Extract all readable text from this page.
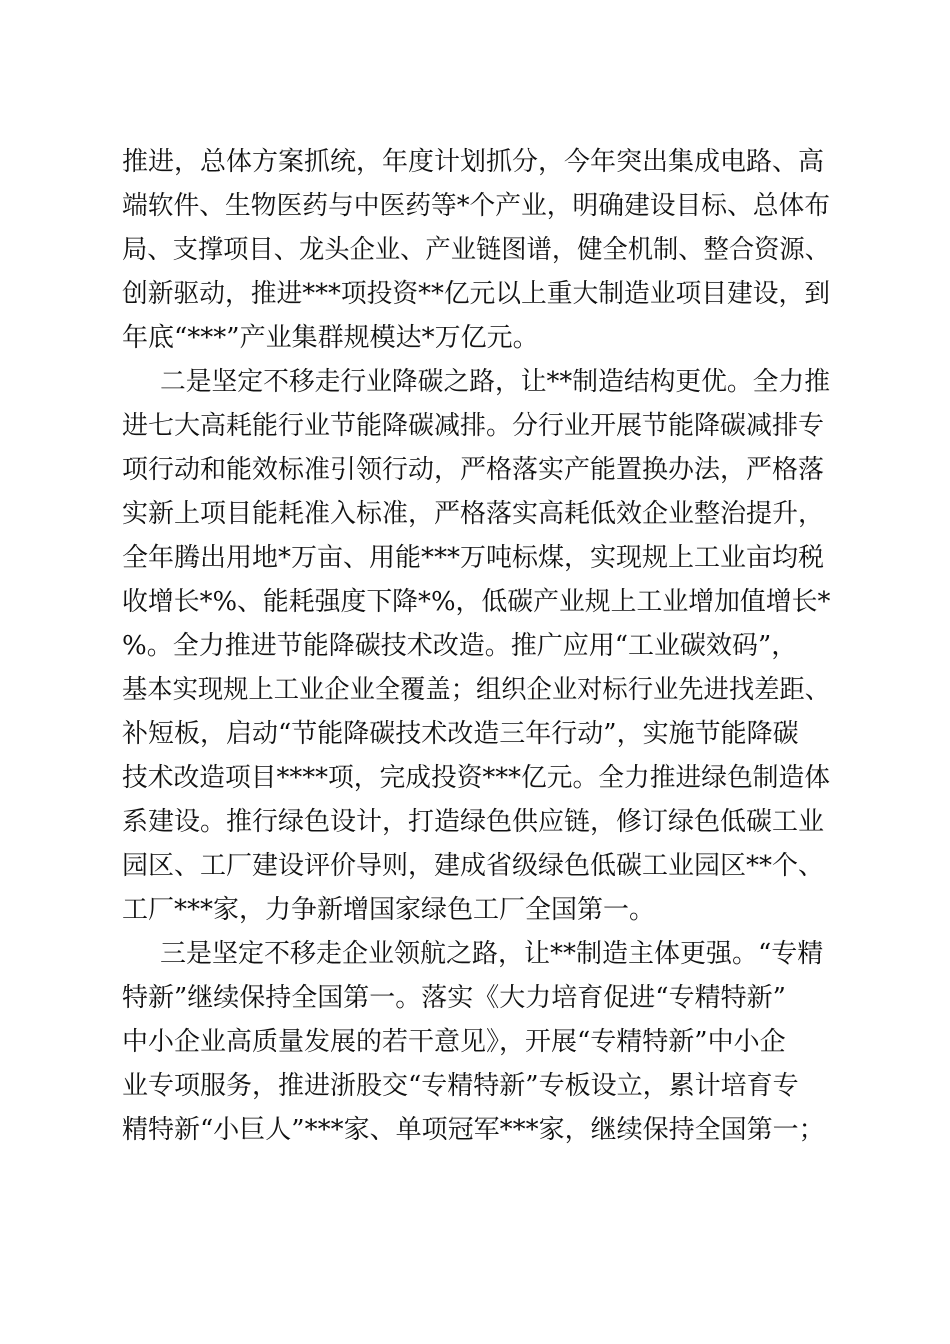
推进，总体方案抓统，年度计划抓分，今年突出集成电路、高
端软件、生物医药与中医药等*个产业，明确建设目标、总体布
局、支撑项目、龙头企业、产业链图谱，健全机制、整合资源、
创新驱动，推进***项投资**亿元以上重大制造业项目建设，到
年底“***”产业集群规模达*万亿元。
二是坚定不移走行业降碳之路，让**制造结构更优。全力推
进七大高耗能行业节能降碳减排。分行业开展节能降碳减排专
项行动和能效标准引领行动，严格落实产能置换办法，严格落
实新上项目能耗准入标准，严格落实高耗低效企业整治提升，
全年腾出用地*万亩、用能***万吨标煤，实现规上工业亩均税
收增长*%、能耗强度下降*%，低碳产业规上工业增加值增长*
%。全力推进节能降碳技术改造。推广应用“工业碳效码”，
基本实现规上工业企业全覆盖；组织企业对标行业先进找差距、
补短板，启动“节能降碳技术改造三年行动”，实施节能降碳
技术改造项目****项，完成投资***亿元。全力推进绿色制造体
系建设。推行绿色设计，打造绿色供应链，修订绿色低碳工业
园区、工厂建设评价导则，建成省级绿色低碳工业园区**个、
工厂***家，力争新增国家绿色工厂全国第一。
三是坚定不移走企业领航之路，让**制造主体更强。“专精
特新”继续保持全国第一。落实《大力培育促进“专精特新”
中小企业高质量发展的若干意见》，开展“专精特新”中小企
业专项服务，推进浙股交“专精特新”专板设立，累计培育专
精特新“小巨人”***家、单项冠军***家，继续保持全国第一；
